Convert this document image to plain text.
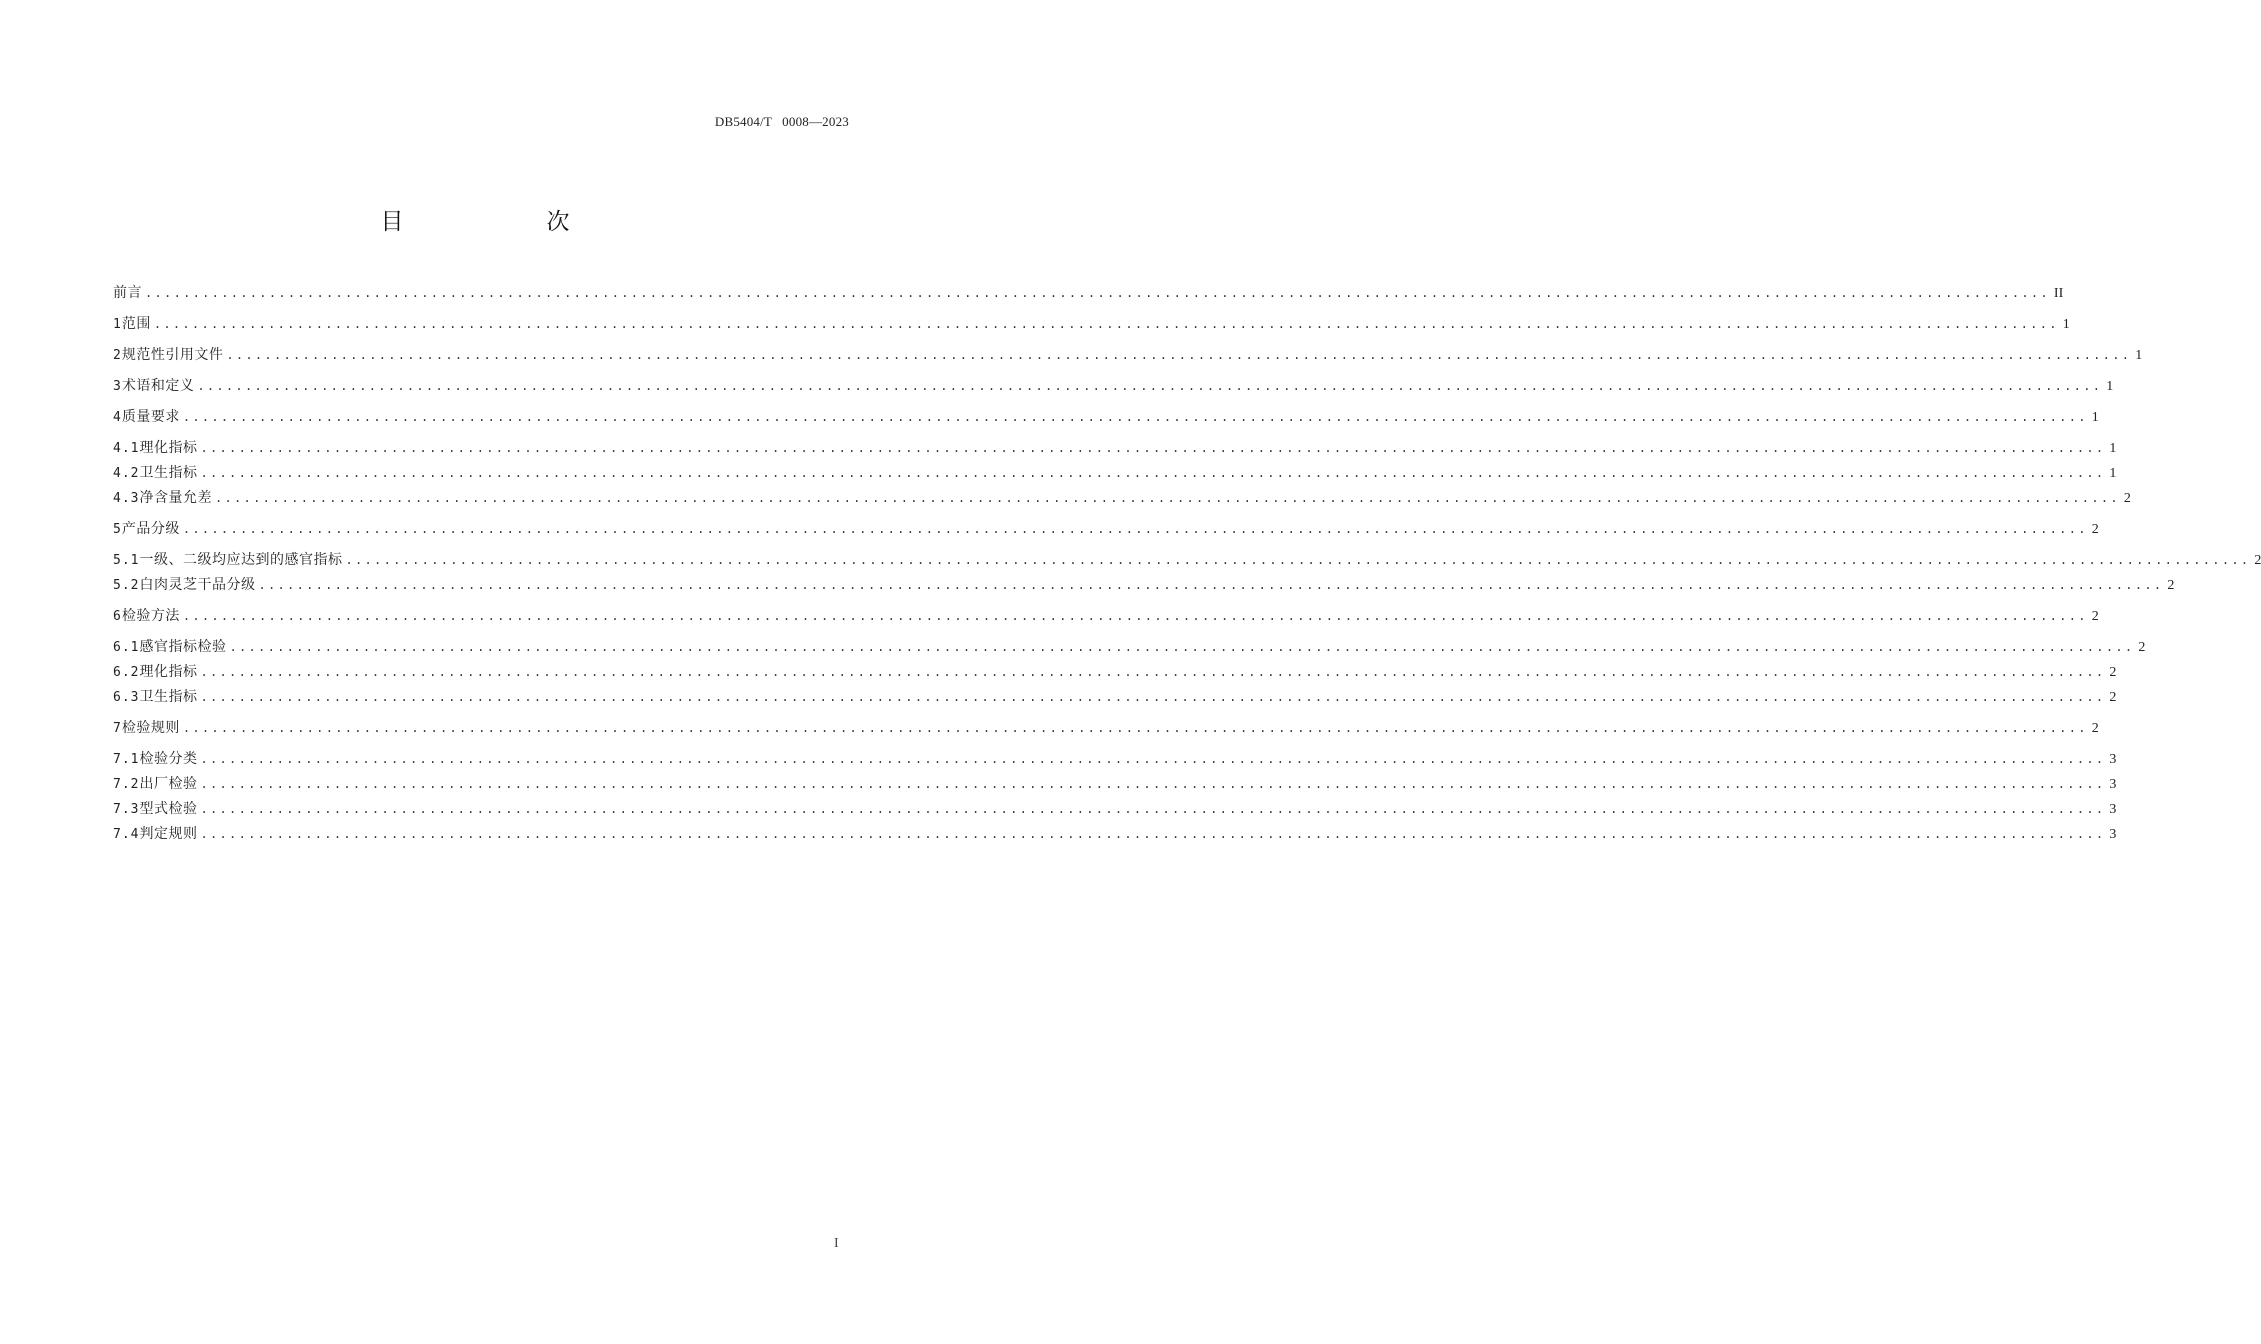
DB5404/T   0008—2023
目　次
前言 ........................................................................................................................................................................................................ II
1 范围 ........................................................................................................................................................................................................ 1
2 规范性引用文件 ........................................................................................................................................................................................................ 1
3 术语和定义 ........................................................................................................................................................................................................ 1
4 质量要求 ........................................................................................................................................................................................................ 1
4.1 理化指标 ........................................................................................................................................................................................................ 1
4.2 卫生指标 ........................................................................................................................................................................................................ 1
4.3 净含量允差 ........................................................................................................................................................................................................ 2
5 产品分级 ........................................................................................................................................................................................................ 2
5.1 一级、二级均应达到的感官指标 ........................................................................................................................................................................................................ 2
5.2 白肉灵芝干品分级 ........................................................................................................................................................................................................ 2
6 检验方法 ........................................................................................................................................................................................................ 2
6.1 感官指标检验 ........................................................................................................................................................................................................ 2
6.2 理化指标 ........................................................................................................................................................................................................ 2
6.3 卫生指标 ........................................................................................................................................................................................................ 2
7 检验规则 ........................................................................................................................................................................................................ 2
7.1 检验分类 ........................................................................................................................................................................................................ 3
7.2 出厂检验 ........................................................................................................................................................................................................ 3
7.3 型式检验 ........................................................................................................................................................................................................ 3
7.4 判定规则 ........................................................................................................................................................................................................ 3
I
